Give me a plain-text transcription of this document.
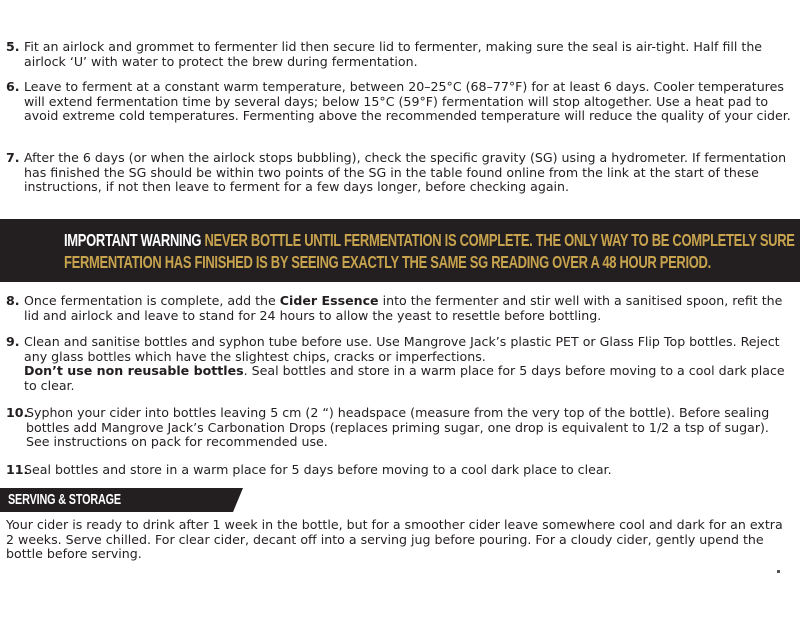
5. Fit an airlock and grommet to fermenter lid then secure lid to fermenter, making sure the seal is air-tight. Half fill the airlock ‘U’ with water to protect the brew during fermentation.
6. Leave to ferment at a constant warm temperature, between 20–25°C (68–77°F) for at least 6 days. Cooler temperatures will extend fermentation time by several days; below 15°C (59°F) fermentation will stop altogether. Use a heat pad to avoid extreme cold temperatures. Fermenting above the recommended temperature will reduce the quality of your cider.
7. After the 6 days (or when the airlock stops bubbling), check the specific gravity (SG) using a hydrometer. If fermentation has finished the SG should be within two points of the SG in the table found online from the link at the start of these instructions, if not then leave to ferment for a few days longer, before checking again.
IMPORTANT WARNING NEVER BOTTLE UNTIL FERMENTATION IS COMPLETE. THE ONLY WAY TO BE COMPLETELY SURE
FERMENTATION HAS FINISHED IS BY SEEING EXACTLY THE SAME SG READING OVER A 48 HOUR PERIOD.
8. Once fermentation is complete, add the Cider Essence into the fermenter and stir well with a sanitised spoon, refit the lid and airlock and leave to stand for 24 hours to allow the yeast to resettle before bottling.
9. Clean and sanitise bottles and syphon tube before use. Use Mangrove Jack’s plastic PET or Glass Flip Top bottles. Reject any glass bottles which have the slightest chips, cracks or imperfections.
Don’t use non reusable bottles. Seal bottles and store in a warm place for 5 days before moving to a cool dark place to clear.
10.
Syphon your cider into bottles leaving 5 cm (2 “) headspace (measure from the very top of the bottle). Before sealing bottles add Mangrove Jack’s Carbonation Drops (replaces priming sugar, one drop is equivalent to 1/2 a tsp of sugar). See instructions on pack for recommended use.
11.
Seal bottles and store in a warm place for 5 days before moving to a cool dark place to clear.
SERVING & STORAGE
Your cider is ready to drink after 1 week in the bottle, but for a smoother cider leave somewhere cool and dark for an extra 2 weeks. Serve chilled. For clear cider, decant off into a serving jug before pouring. For a cloudy cider, gently upend the bottle before serving.
